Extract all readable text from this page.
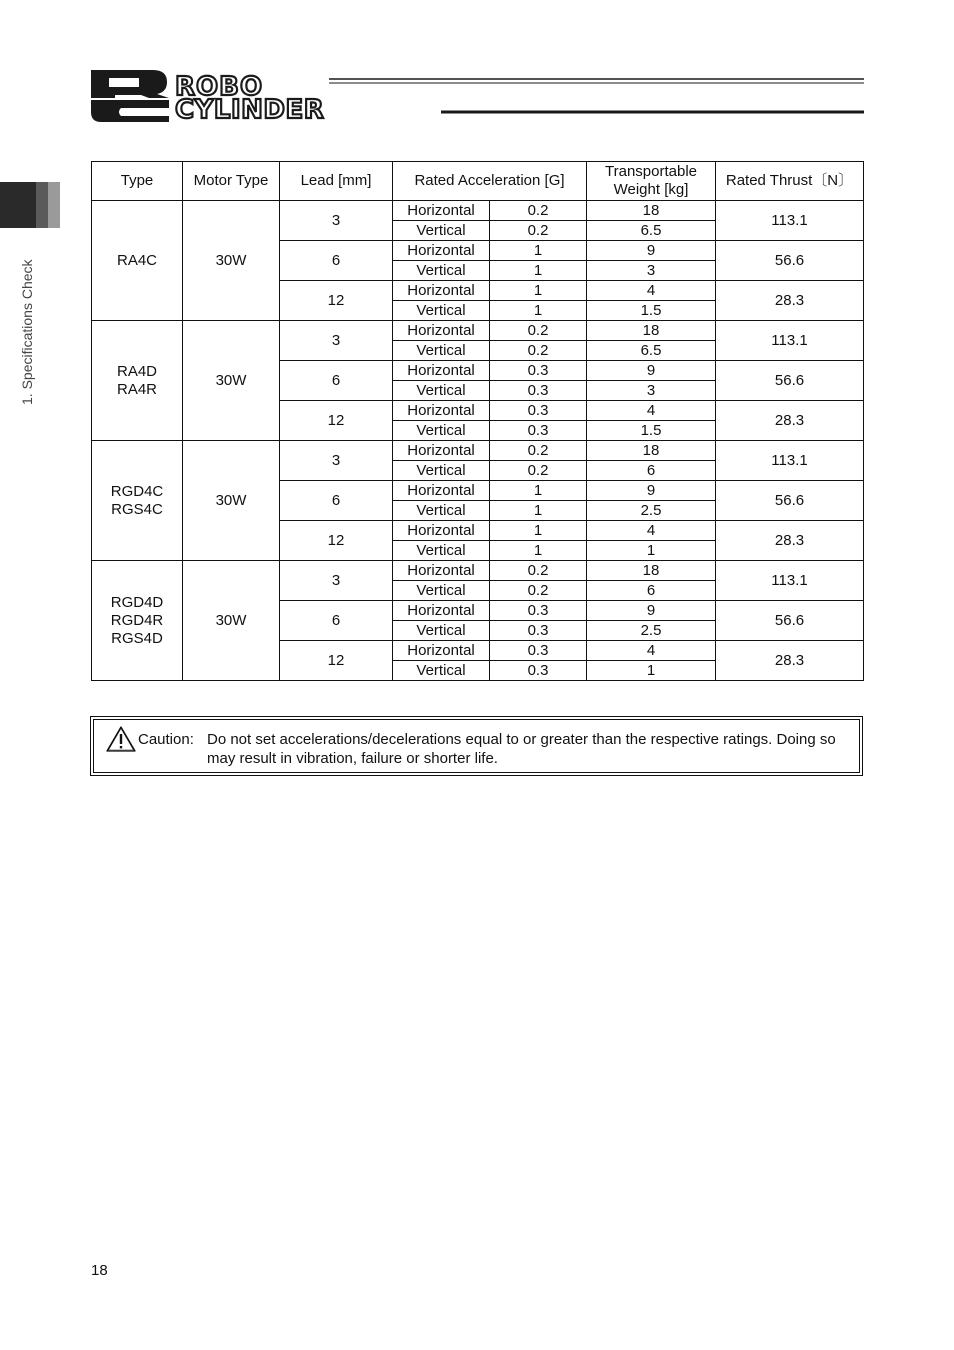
ROBO
CYLINDER
1. Specifications Check
Type	Motor Type	Lead [mm]	Rated Acceleration [G]		Transportable Weight [kg]	Rated Thrust〔N〕

RA4C	30W	3	Horizontal	0.2	18	113.1
			Vertical	0.2	6.5	
		6	Horizontal	1	9	56.6
			Vertical	1	3	
		12	Horizontal	1	4	28.3
			Vertical	1	1.5	

RA4D
RA4R	30W	3	Horizontal	0.2	18	113.1
			Vertical	0.2	6.5	
		6	Horizontal	0.3	9	56.6
			Vertical	0.3	3	
		12	Horizontal	0.3	4	28.3
			Vertical	0.3	1.5	

RGD4C
RGS4C	30W	3	Horizontal	0.2	18	113.1
			Vertical	0.2	6	
		6	Horizontal	1	9	56.6
			Vertical	1	2.5	
		12	Horizontal	1	4	28.3
			Vertical	1	1	

RGD4D
RGD4R
RGS4D	30W	3	Horizontal	0.2	18	113.1
			Vertical	0.2	6	
		6	Horizontal	0.3	9	56.6
			Vertical	0.3	2.5	
		12	Horizontal	0.3	4	28.3
			Vertical	0.3	1	
Caution: Do not set accelerations/decelerations equal to or greater than the respective ratings. Doing so may result in vibration, failure or shorter life.
18
